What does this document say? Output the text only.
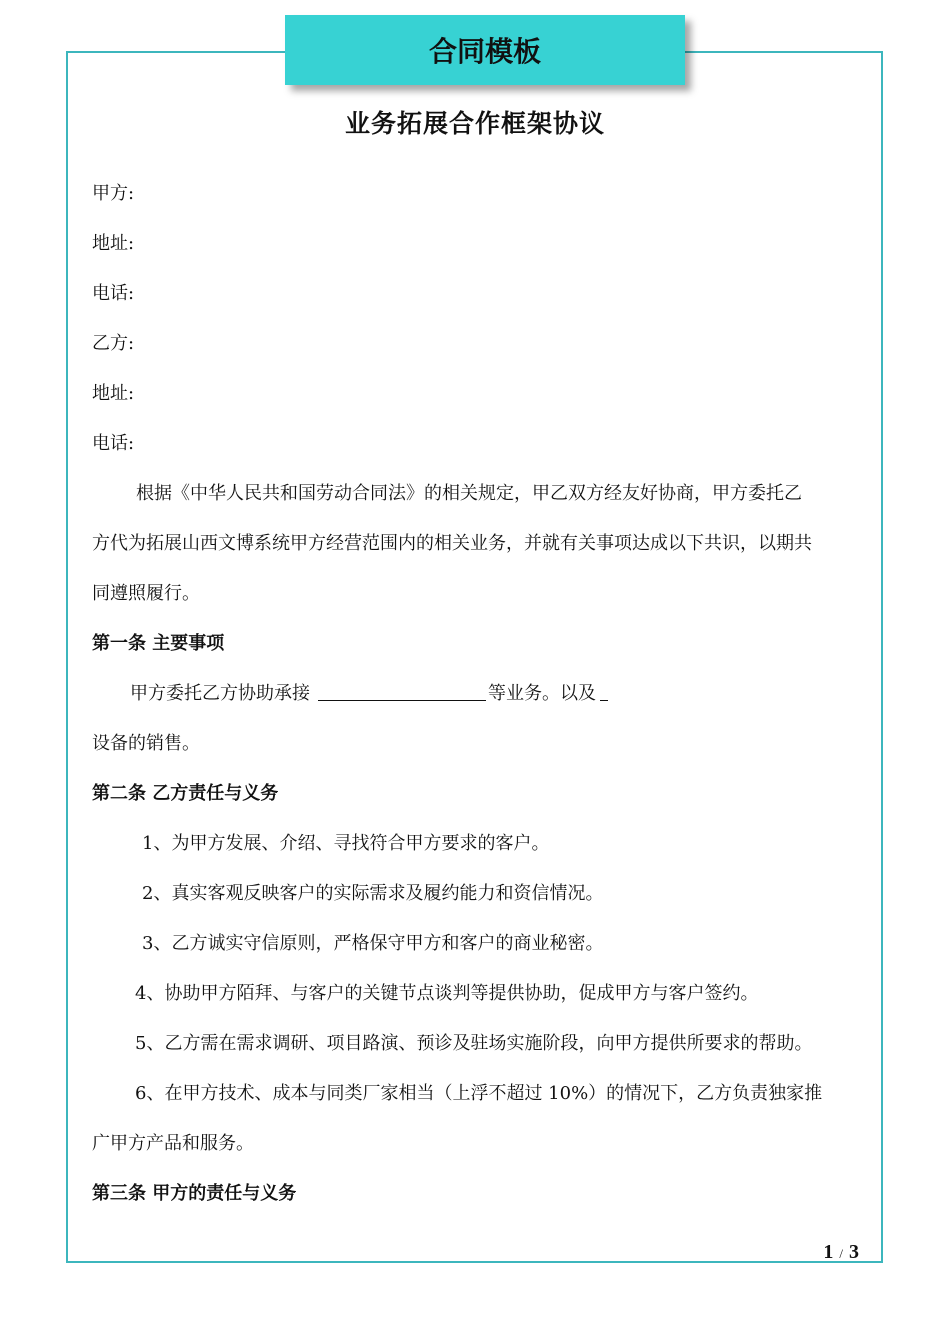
合同模板
业务拓展合作框架协议
甲方:
地址:
电话:
乙方:
地址:
电话:
根据《中华人民共和国劳动合同法》的相关规定，甲乙双方经友好协商，甲方委托乙
方代为拓展山西文博系统甲方经营范围内的相关业务，并就有关事项达成以下共识，以期共
同遵照履行。
第一条 主要事项
甲方委托乙方协助承接	等业务。以及
设备的销售。
第二条 乙方责任与义务
1、为甲方发展、介绍、寻找符合甲方要求的客户。
2、真实客观反映客户的实际需求及履约能力和资信情况。
3、乙方诚实守信原则，严格保守甲方和客户的商业秘密。
4、协助甲方陌拜、与客户的关键节点谈判等提供协助，促成甲方与客户签约。
5、乙方需在需求调研、项目路演、预诊及驻场实施阶段，向甲方提供所要求的帮助。
6、在甲方技术、成本与同类厂家相当（上浮不超过 10%）的情况下，乙方负责独家推
广甲方产品和服务。
第三条 甲方的责任与义务
1 / 3
